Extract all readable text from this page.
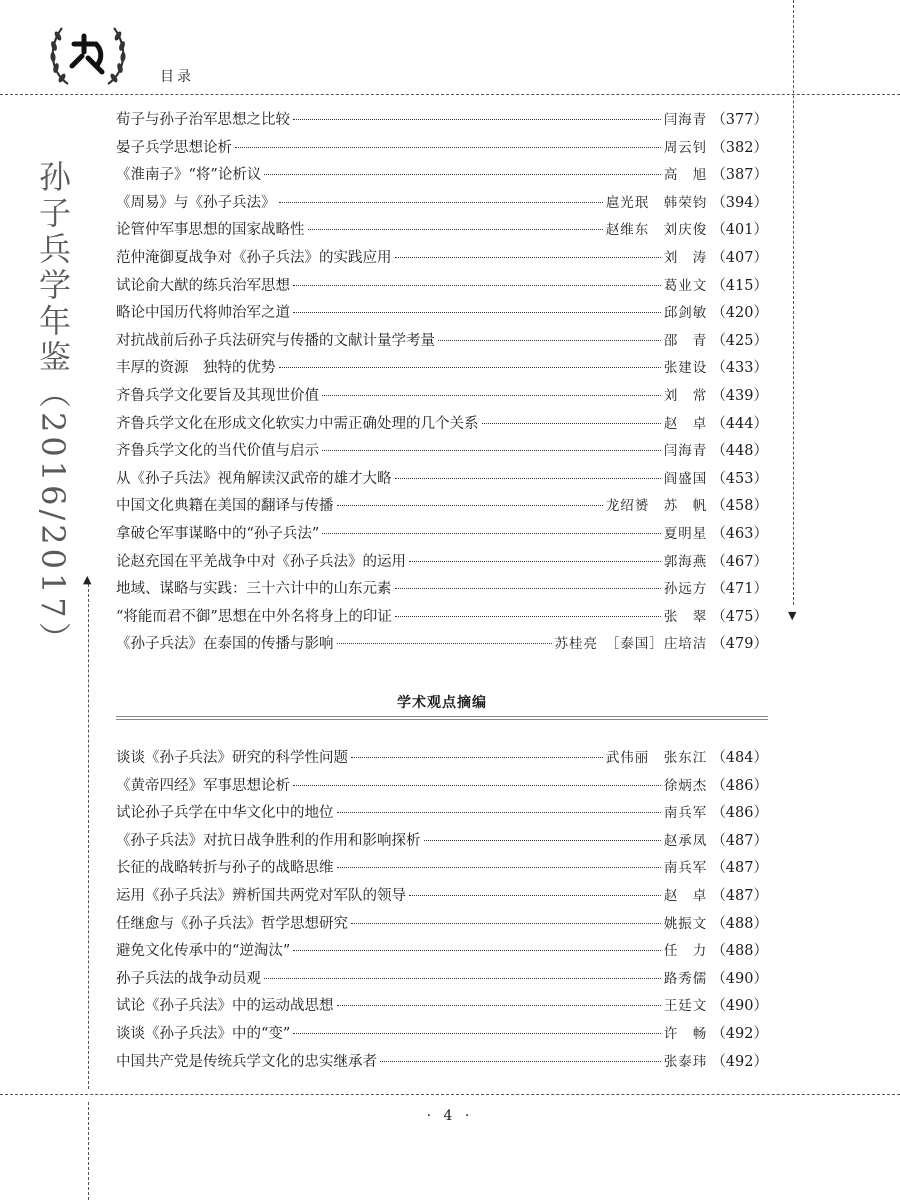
▲
▼
目录
孙子兵学年鉴（2016/2017）
荀子与孙子治军思想之比较	闫海青 （377）
晏子兵学思想论析	周云钊 （382）
《淮南子》“将”论析议	高　旭 （387）
《周易》与《孙子兵法》	扈光珉　韩荣钧 （394）
论管仲军事思想的国家战略性	赵维东　刘庆俊 （401）
范仲淹御夏战争对《孙子兵法》的实践应用	刘　涛 （407）
试论俞大猷的练兵治军思想	葛业文 （415）
略论中国历代将帅治军之道	邱剑敏 （420）
对抗战前后孙子兵法研究与传播的文献计量学考量	邵　青 （425）
丰厚的资源　独特的优势	张建设 （433）
齐鲁兵学文化要旨及其现世价值	刘　常 （439）
齐鲁兵学文化在形成文化软实力中需正确处理的几个关系	赵　卓 （444）
齐鲁兵学文化的当代价值与启示	闫海青 （448）
从《孙子兵法》视角解读汉武帝的雄才大略	阎盛国 （453）
中国文化典籍在美国的翻译与传播	龙绍赟　苏　帆 （458）
拿破仑军事谋略中的“孙子兵法”	夏明星 （463）
论赵充国在平羌战争中对《孙子兵法》的运用	郭海燕 （467）
地域、谋略与实践：三十六计中的山东元素	孙远方 （471）
“将能而君不御”思想在中外名将身上的印证	张　翠 （475）
《孙子兵法》在泰国的传播与影响	苏桂亮　［泰国］庄培洁 （479）
学术观点摘编
谈谈《孙子兵法》研究的科学性问题	武伟丽　张东江 （484）
《黄帝四经》军事思想论析	徐炳杰 （486）
试论孙子兵学在中华文化中的地位	南兵军 （486）
《孙子兵法》对抗日战争胜利的作用和影响探析	赵承凤 （487）
长征的战略转折与孙子的战略思维	南兵军 （487）
运用《孙子兵法》辨析国共两党对军队的领导	赵　卓 （487）
任继愈与《孙子兵法》哲学思想研究	姚振文 （488）
避免文化传承中的“逆淘汰”	任　力 （488）
孙子兵法的战争动员观	路秀儒 （490）
试论《孙子兵法》中的运动战思想	王廷文 （490）
谈谈《孙子兵法》中的“变”	许　畅 （492）
中国共产党是传统兵学文化的忠实继承者	张泰玮 （492）
· 4 ·
